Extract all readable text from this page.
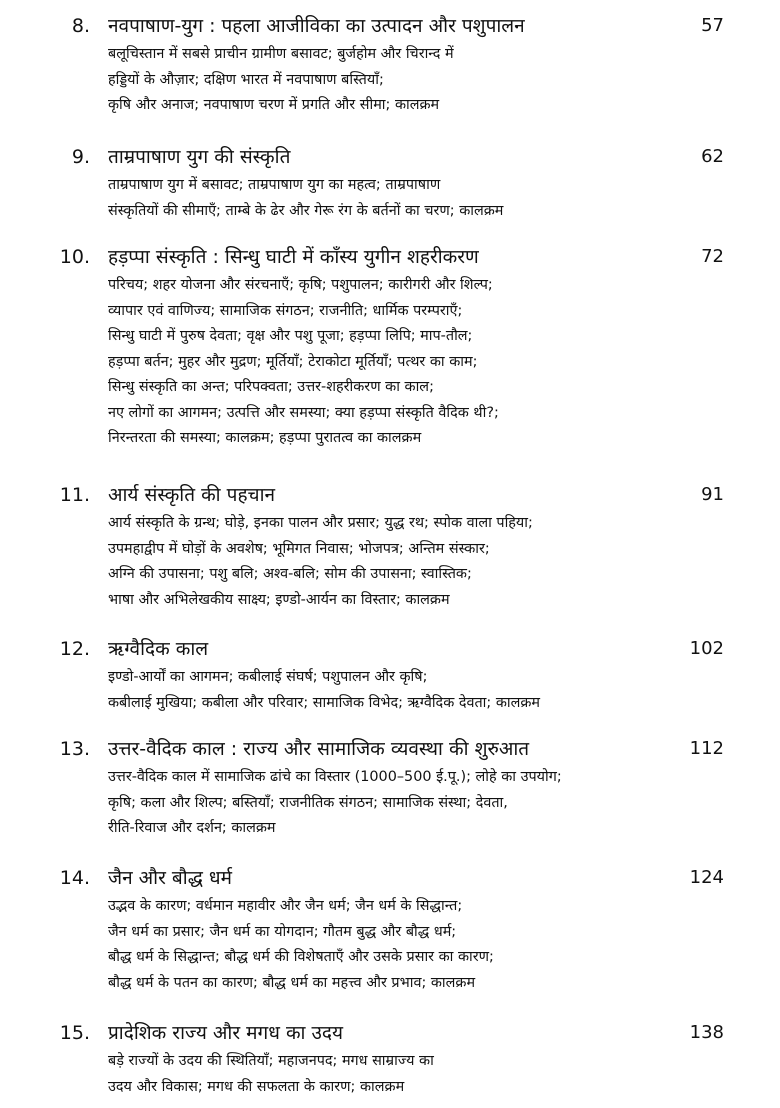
8. नवपाषाण-युग : पहला आजीविका का उत्पादन और पशुपालन	57
बलूचिस्तान में सबसे प्राचीन ग्रामीण बसावट; बुर्जहोम और चिरान्द में
हड्डियों के औज़ार; दक्षिण भारत में नवपाषाण बस्तियाँ;
कृषि और अनाज; नवपाषाण चरण में प्रगति और सीमा; कालक्रम
9. ताम्रपाषाण युग की संस्कृति	62
ताम्रपाषाण युग में बसावट; ताम्रपाषाण युग का महत्व; ताम्रपाषाण
संस्कृतियों की सीमाएँ; ताम्बे के ढेर और गेरू रंग के बर्तनों का चरण; कालक्रम
10. हड़प्पा संस्कृति : सिन्धु घाटी में काँस्य युगीन शहरीकरण	72
परिचय; शहर योजना और संरचनाएँ; कृषि; पशुपालन; कारीगरी और शिल्प;
व्यापार एवं वाणिज्य; सामाजिक संगठन; राजनीति; धार्मिक परम्पराएँ;
सिन्धु घाटी में पुरुष देवता; वृक्ष और पशु पूजा; हड़प्पा लिपि; माप-तौल;
हड़प्पा बर्तन; मुहर और मुद्रण; मूर्तियाँ; टेराकोटा मूर्तियाँ; पत्थर का काम;
सिन्धु संस्कृति का अन्त; परिपक्वता; उत्तर-शहरीकरण का काल;
नए लोगों का आगमन; उत्पत्ति और समस्या; क्या हड़प्पा संस्कृति वैदिक थी?;
निरन्तरता की समस्या; कालक्रम; हड़प्पा पुरातत्व का कालक्रम
11. आर्य संस्कृति की पहचान	91
आर्य संस्कृति के ग्रन्थ; घोड़े, इनका पालन और प्रसार; युद्ध रथ; स्पोक वाला पहिया;
उपमहाद्वीप में घोड़ों के अवशेष; भूमिगत निवास; भोजपत्र; अन्तिम संस्कार;
अग्नि की उपासना; पशु बलि; अश्व-बलि; सोम की उपासना; स्वास्तिक;
भाषा और अभिलेखकीय साक्ष्य; इण्डो-आर्यन का विस्तार; कालक्रम
12. ऋग्वैदिक काल	102
इण्डो-आर्यों का आगमन; कबीलाई संघर्ष; पशुपालन और कृषि;
कबीलाई मुखिया; कबीला और परिवार; सामाजिक विभेद; ऋग्वैदिक देवता; कालक्रम
13. उत्तर-वैदिक काल : राज्य और सामाजिक व्यवस्था की शुरुआत	112
उत्तर-वैदिक काल में सामाजिक ढांचे का विस्तार (1000–500 ई.पू.); लोहे का उपयोग;
कृषि; कला और शिल्प; बस्तियाँ; राजनीतिक संगठन; सामाजिक संस्था; देवता,
रीति-रिवाज और दर्शन; कालक्रम
14. जैन और बौद्ध धर्म	124
उद्भव के कारण; वर्धमान महावीर और जैन धर्म; जैन धर्म के सिद्धान्त;
जैन धर्म का प्रसार; जैन धर्म का योगदान; गौतम बुद्ध और बौद्ध धर्म;
बौद्ध धर्म के सिद्धान्त; बौद्ध धर्म की विशेषताएँ और उसके प्रसार का कारण;
बौद्ध धर्म के पतन का कारण; बौद्ध धर्म का महत्त्व और प्रभाव; कालक्रम
15. प्रादेशिक राज्य और मगध का उदय	138
बड़े राज्यों के उदय की स्थितियाँ; महाजनपद; मगध साम्राज्य का
उदय और विकास; मगध की सफलता के कारण; कालक्रम
